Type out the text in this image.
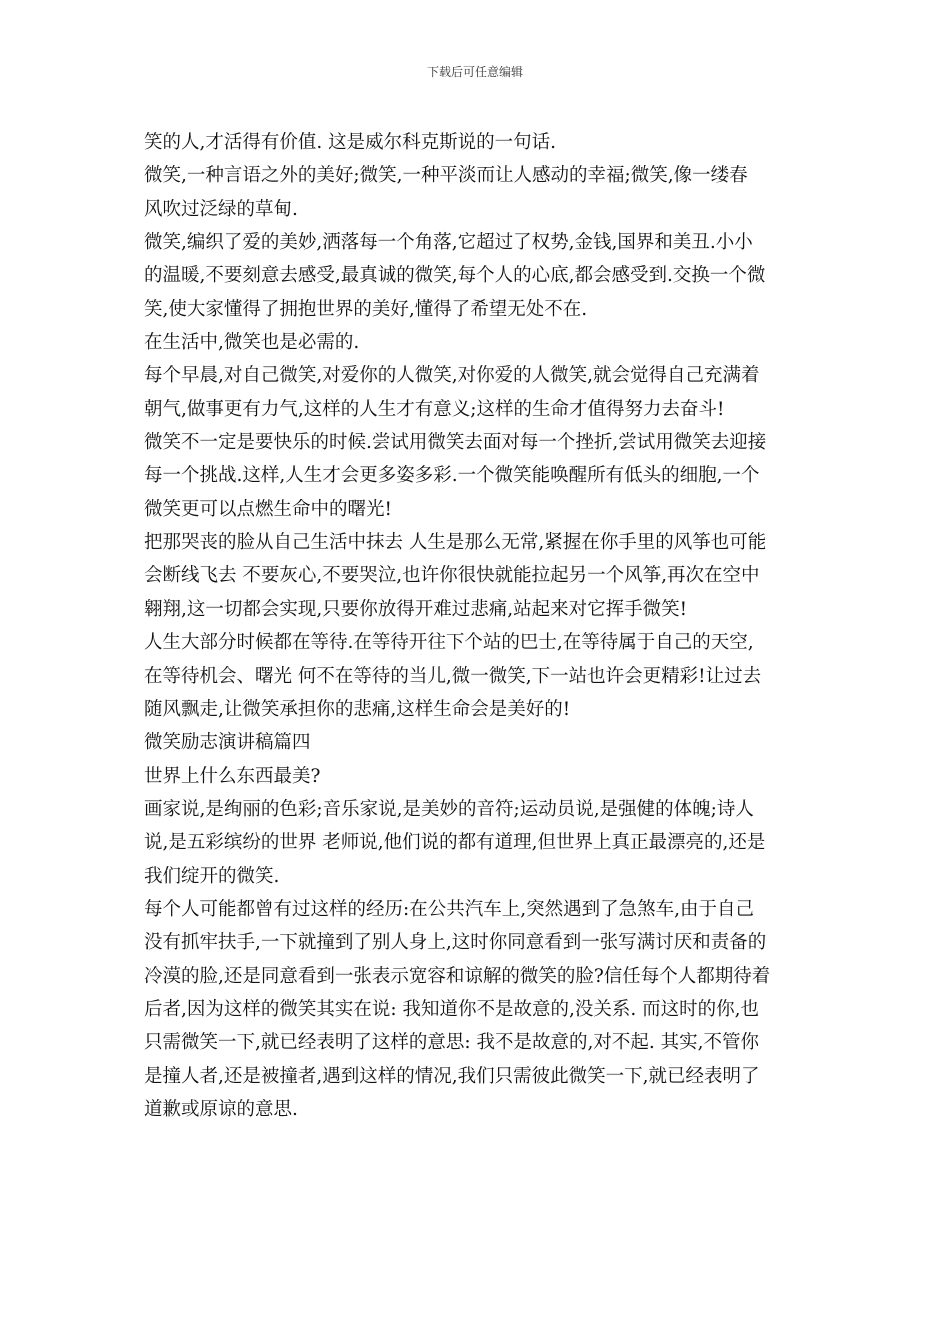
下载后可任意编辑
笑的人,才活得有价值. 这是威尔科克斯说的一句话.
微笑,一种言语之外的美好;微笑,一种平淡而让人感动的幸福;微笑,像一缕春
风吹过泛绿的草甸.
微笑,编织了爱的美妙,洒落每一个角落,它超过了权势,金钱,国界和美丑.小小
的温暖,不要刻意去感受,最真诚的微笑,每个人的心底,都会感受到.交换一个微
笑,使大家懂得了拥抱世界的美好,懂得了希望无处不在.
在生活中,微笑也是必需的.
每个早晨,对自己微笑,对爱你的人微笑,对你爱的人微笑,就会觉得自己充满着
朝气,做事更有力气,这样的人生才有意义;这样的生命才值得努力去奋斗!
微笑不一定是要快乐的时候.尝试用微笑去面对每一个挫折,尝试用微笑去迎接
每一个挑战.这样,人生才会更多姿多彩.一个微笑能唤醒所有低头的细胞,一个
微笑更可以点燃生命中的曙光!
把那哭丧的脸从自己生活中抹去 人生是那么无常,紧握在你手里的风筝也可能
会断线飞去 不要灰心,不要哭泣,也许你很快就能拉起另一个风筝,再次在空中
翱翔,这一切都会实现,只要你放得开难过悲痛,站起来对它挥手微笑!
人生大部分时候都在等待.在等待开往下个站的巴士,在等待属于自己的天空,
在等待机会、曙光 何不在等待的当儿,微一微笑,下一站也许会更精彩!让过去
随风飘走,让微笑承担你的悲痛,这样生命会是美好的!
微笑励志演讲稿篇四
世界上什么东西最美?
画家说,是绚丽的色彩;音乐家说,是美妙的音符;运动员说,是强健的体魄;诗人
说,是五彩缤纷的世界 老师说,他们说的都有道理,但世界上真正最漂亮的,还是
我们绽开的微笑.
每个人可能都曾有过这样的经历:在公共汽车上,突然遇到了急煞车,由于自己
没有抓牢扶手,一下就撞到了别人身上,这时你同意看到一张写满讨厌和责备的
冷漠的脸,还是同意看到一张表示宽容和谅解的微笑的脸?信任每个人都期待着
后者,因为这样的微笑其实在说: 我知道你不是故意的,没关系. 而这时的你,也
只需微笑一下,就已经表明了这样的意思: 我不是故意的,对不起. 其实,不管你
是撞人者,还是被撞者,遇到这样的情况,我们只需彼此微笑一下,就已经表明了
道歉或原谅的意思.
